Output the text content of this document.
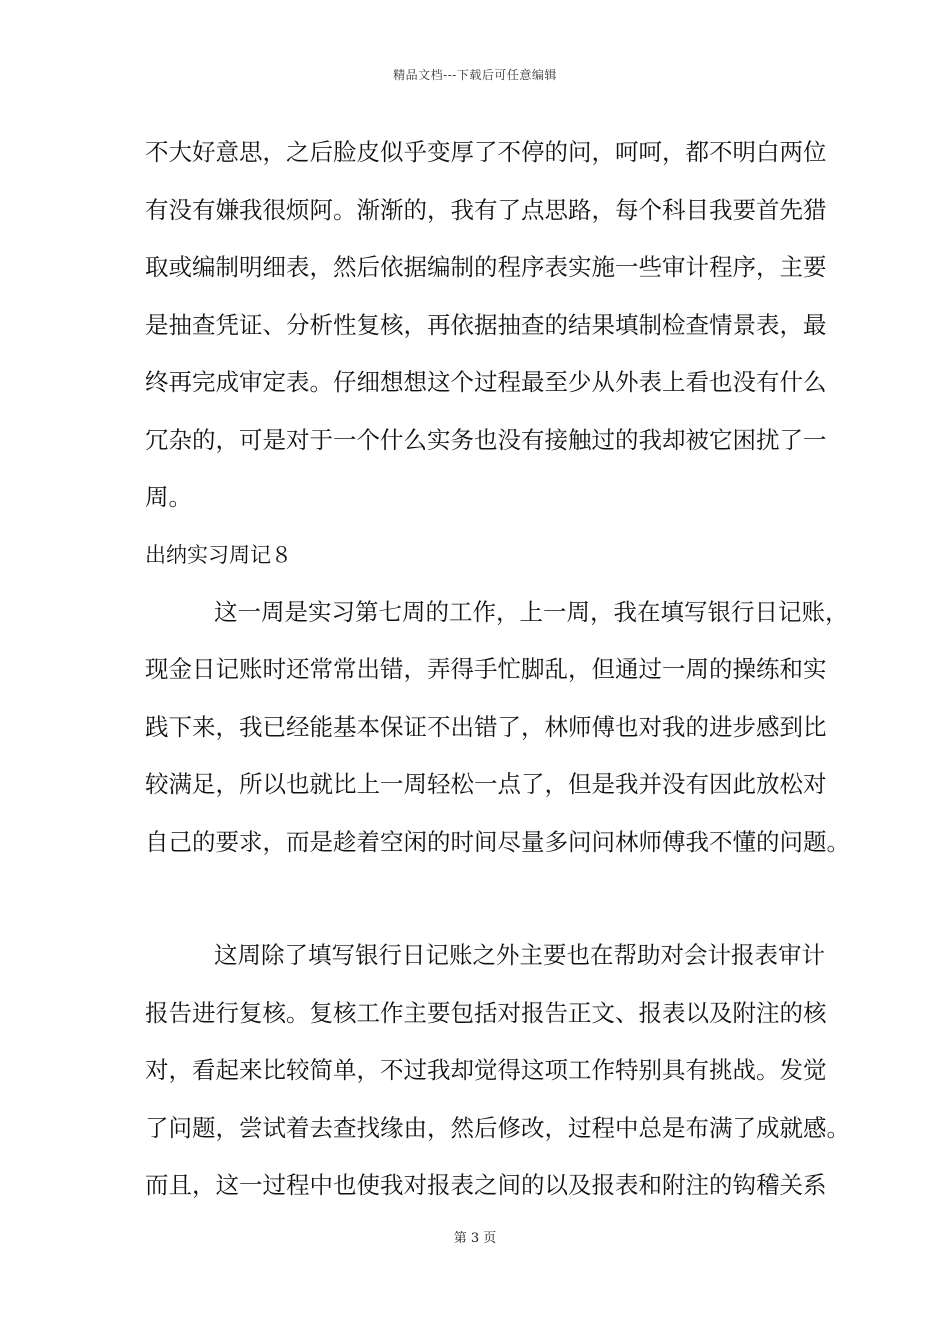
精品文档---下载后可任意编辑
不大好意思，之后脸皮似乎变厚了不停的问，呵呵，都不明白两位
有没有嫌我很烦阿。渐渐的，我有了点思路，每个科目我要首先猎
取或编制明细表，然后依据编制的程序表实施一些审计程序，主要
是抽查凭证、分析性复核，再依据抽查的结果填制检查情景表，最
终再完成审定表。仔细想想这个过程最至少从外表上看也没有什么
冗杂的，可是对于一个什么实务也没有接触过的我却被它困扰了一
周。
出纳实习周记８
这一周是实习第七周的工作，上一周，我在填写银行日记账，
现金日记账时还常常出错，弄得手忙脚乱，但通过一周的操练和实
践下来，我已经能基本保证不出错了，林师傅也对我的进步感到比
较满足，所以也就比上一周轻松一点了，但是我并没有因此放松对
自己的要求，而是趁着空闲的时间尽量多问问林师傅我不懂的问题。
这周除了填写银行日记账之外主要也在帮助对会计报表审计
报告进行复核。复核工作主要包括对报告正文、报表以及附注的核
对，看起来比较简单，不过我却觉得这项工作特别具有挑战。发觉
了问题，尝试着去查找缘由，然后修改，过程中总是布满了成就感。
而且，这一过程中也使我对报表之间的以及报表和附注的钩稽关系
第 3 页
